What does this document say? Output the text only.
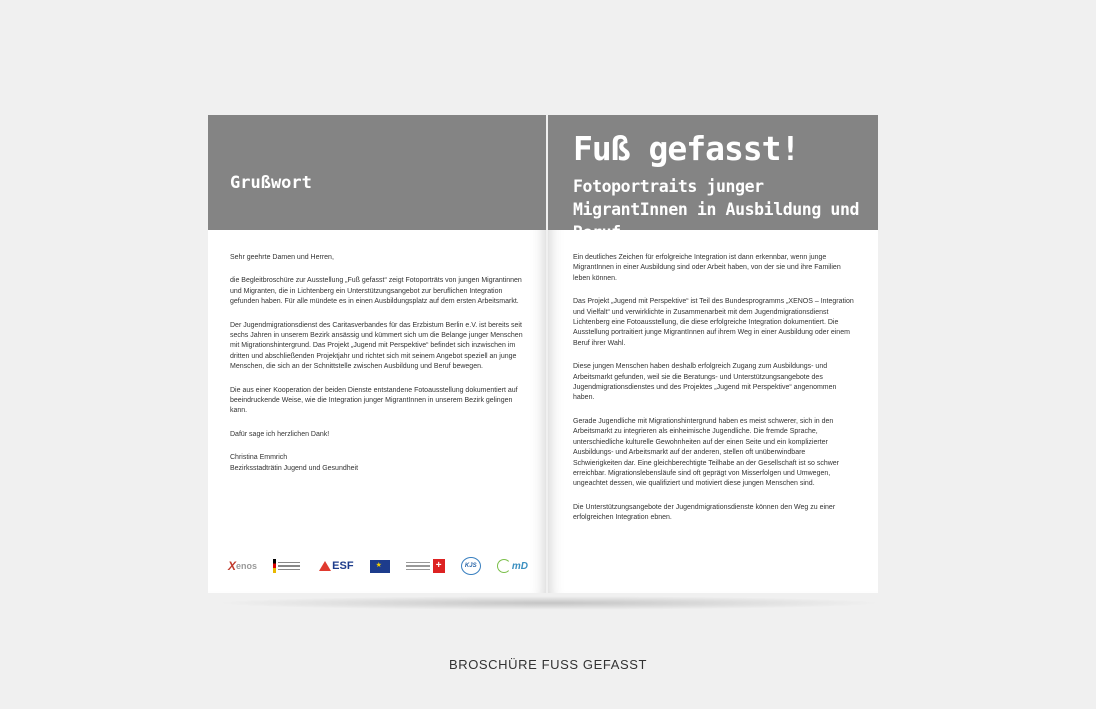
Grußwort

Sehr geehrte Damen und Herren,

die Begleitbroschüre zur Ausstellung „Fuß gefasst“ zeigt Fotoporträts von jungen Migrantinnen und Migranten, die in Lichtenberg ein Unterstützungsangebot zur beruflichen Integration gefunden haben. Für alle mündete es in einen Ausbildungsplatz auf dem ersten Arbeitsmarkt.

Der Jugendmigrationsdienst des Caritasverbandes für das Erzbistum Berlin e.V. ist bereits seit sechs Jahren in unserem Bezirk ansässig und kümmert sich um die Belange junger Menschen mit Migrationshintergrund. Das Projekt „Jugend mit Perspektive“ befindet sich inzwischen im dritten und abschließenden Projektjahr und richtet sich mit seinem Angebot speziell an junge Menschen, die sich an der Schnittstelle zwischen Ausbildung und Beruf bewegen.

Die aus einer Kooperation der beiden Dienste entstandene Fotoausstellung dokumentiert auf beeindruckende Weise, wie die Integration junger MigrantInnen in unserem Bezirk gelingen kann.

Dafür sage ich herzlichen Dank!

Christina Emmrich
Bezirksstadträtin Jugend und Gesundheit

X enos	ESF
★	+	KJS	mD
Fuß gefasst!
Fotoportraits junger MigrantInnen in Ausbildung und Beruf

Ein deutliches Zeichen für erfolgreiche Integration ist dann erkennbar, wenn junge MigrantInnen in einer Ausbildung sind oder Arbeit haben, von der sie und ihre Familien leben können.

Das Projekt „Jugend mit Perspektive“ ist Teil des Bundesprogramms „XENOS – Integration und Vielfalt“ und verwirklichte in Zusammenarbeit mit dem Jugendmigrationsdienst Lichtenberg eine Fotoausstellung, die diese erfolgreiche Integration dokumentiert. Die Ausstellung portraitiert junge MigrantInnen auf ihrem Weg in einer Ausbildung oder einem Beruf ihrer Wahl.

Diese jungen Menschen haben deshalb erfolgreich Zugang zum Ausbildungs- und Arbeitsmarkt gefunden, weil sie die Beratungs- und Unterstützungsangebote des Jugendmigrationsdienstes und des Projektes „Jugend mit Perspektive“ angenommen haben.

Gerade Jugendliche mit Migrationshintergrund haben es meist schwerer, sich in den Arbeitsmarkt zu integrieren als einheimische Jugendliche. Die fremde Sprache, unterschiedliche kulturelle Gewohnheiten auf der einen Seite und ein komplizierter Ausbildungs- und Arbeitsmarkt auf der anderen, stellen oft unüberwindbare Schwierigkeiten dar. Eine gleichberechtigte Teilhabe an der Gesellschaft ist so schwer erreichbar. Migrationslebensläufe sind oft geprägt von Misserfolgen und Umwegen, ungeachtet dessen, wie qualifiziert und motiviert diese jungen Menschen sind.

Die Unterstützungsangebote der Jugendmigrationsdienste können den Weg zu einer erfolgreichen Integration ebnen.

BROSCHÜRE FUSS GEFASST
